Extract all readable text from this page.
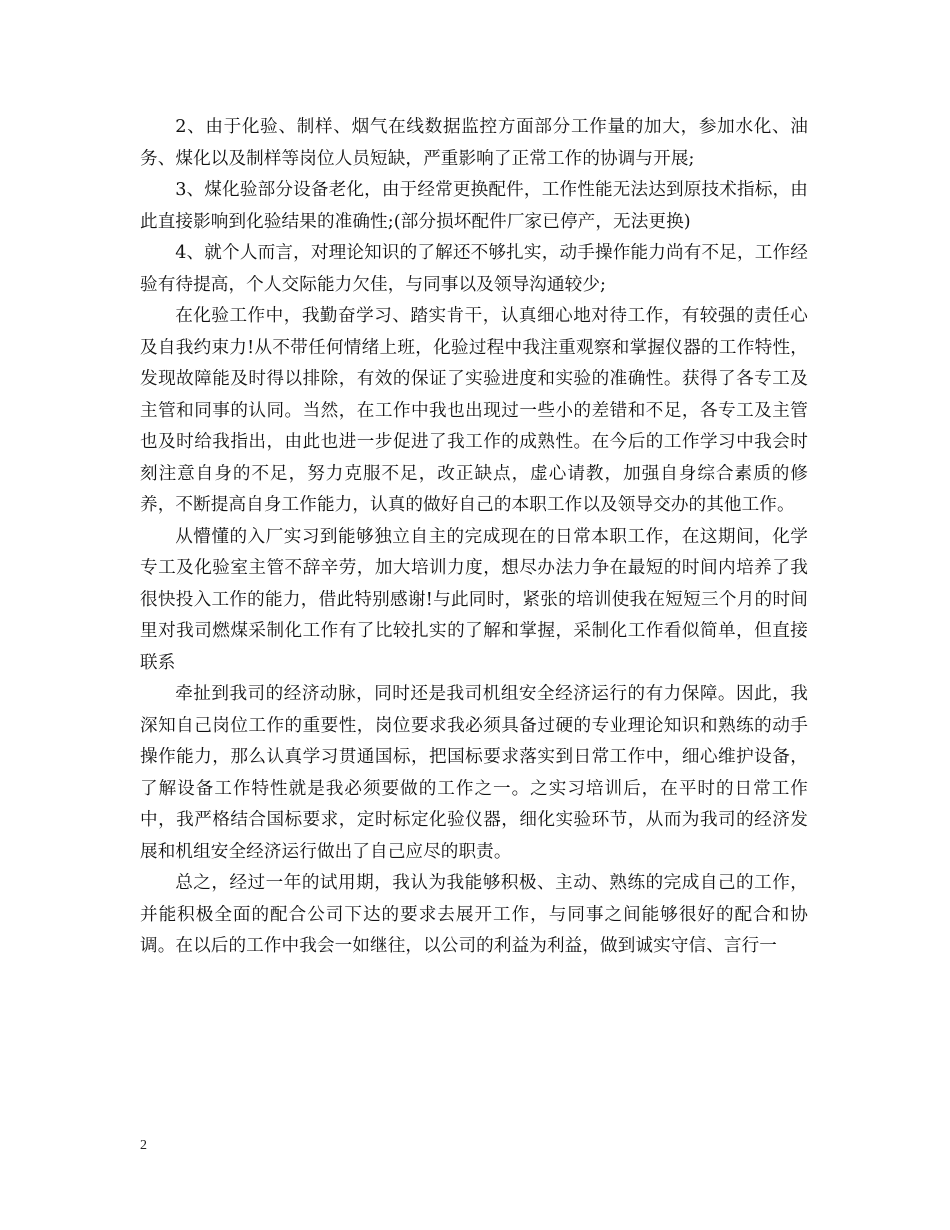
2、由于化验、制样、烟气在线数据监控方面部分工作量的加大，参加水化、油务、煤化以及制样等岗位人员短缺，严重影响了正常工作的协调与开展;

3、煤化验部分设备老化，由于经常更换配件，工作性能无法达到原技术指标，由此直接影响到化验结果的准确性;(部分损坏配件厂家已停产，无法更换)

4、就个人而言，对理论知识的了解还不够扎实，动手操作能力尚有不足，工作经验有待提高，个人交际能力欠佳，与同事以及领导沟通较少;

在化验工作中，我勤奋学习、踏实肯干，认真细心地对待工作，有较强的责任心及自我约束力!从不带任何情绪上班，化验过程中我注重观察和掌握仪器的工作特性，发现故障能及时得以排除，有效的保证了实验进度和实验的准确性。获得了各专工及主管和同事的认同。当然，在工作中我也出现过一些小的差错和不足，各专工及主管也及时给我指出，由此也进一步促进了我工作的成熟性。在今后的工作学习中我会时刻注意自身的不足，努力克服不足，改正缺点，虚心请教，加强自身综合素质的修养，不断提高自身工作能力，认真的做好自己的本职工作以及领导交办的其他工作。

从懵懂的入厂实习到能够独立自主的完成现在的日常本职工作，在这期间，化学专工及化验室主管不辞辛劳，加大培训力度，想尽办法力争在最短的时间内培养了我很快投入工作的能力，借此特别感谢!与此同时，紧张的培训使我在短短三个月的时间里对我司燃煤采制化工作有了比较扎实的了解和掌握，采制化工作看似简单，但直接联系

牵扯到我司的经济动脉，同时还是我司机组安全经济运行的有力保障。因此，我深知自己岗位工作的重要性，岗位要求我必须具备过硬的专业理论知识和熟练的动手操作能力，那么认真学习贯通国标，把国标要求落实到日常工作中，细心维护设备，了解设备工作特性就是我必须要做的工作之一。之实习培训后，在平时的日常工作中，我严格结合国标要求，定时标定化验仪器，细化实验环节，从而为我司的经济发展和机组安全经济运行做出了自己应尽的职责。

总之，经过一年的试用期，我认为我能够积极、主动、熟练的完成自己的工作，并能积极全面的配合公司下达的要求去展开工作，与同事之间能够很好的配合和协调。在以后的工作中我会一如继往，以公司的利益为利益，做到诚实守信、言行一

2
